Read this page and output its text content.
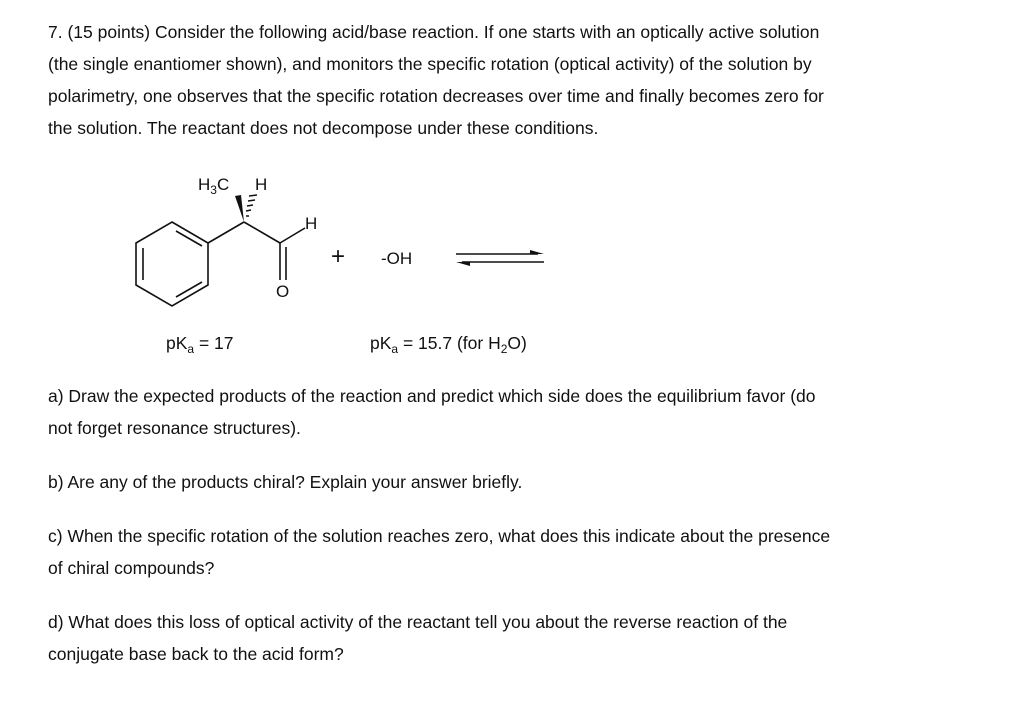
7. (15 points) Consider the following acid/base reaction. If one starts with an optically active solution
(the single enantiomer shown), and monitors the specific rotation (optical activity) of the solution by
polarimetry, one observes that the specific rotation decreases over time and finally becomes zero for
the solution. The reactant does not decompose under these conditions.

$H_3C$ H
H
O
+ -OH
$pK_a = 17$	$pK_a = 15.7$ (for $H_2O$)

a) Draw the expected products of the reaction and predict which side does the equilibrium favor (do
not forget resonance structures).

b) Are any of the products chiral? Explain your answer briefly.

c) When the specific rotation of the solution reaches zero, what does this indicate about the presence
of chiral compounds?

d) What does this loss of optical activity of the reactant tell you about the reverse reaction of the
conjugate base back to the acid form?
